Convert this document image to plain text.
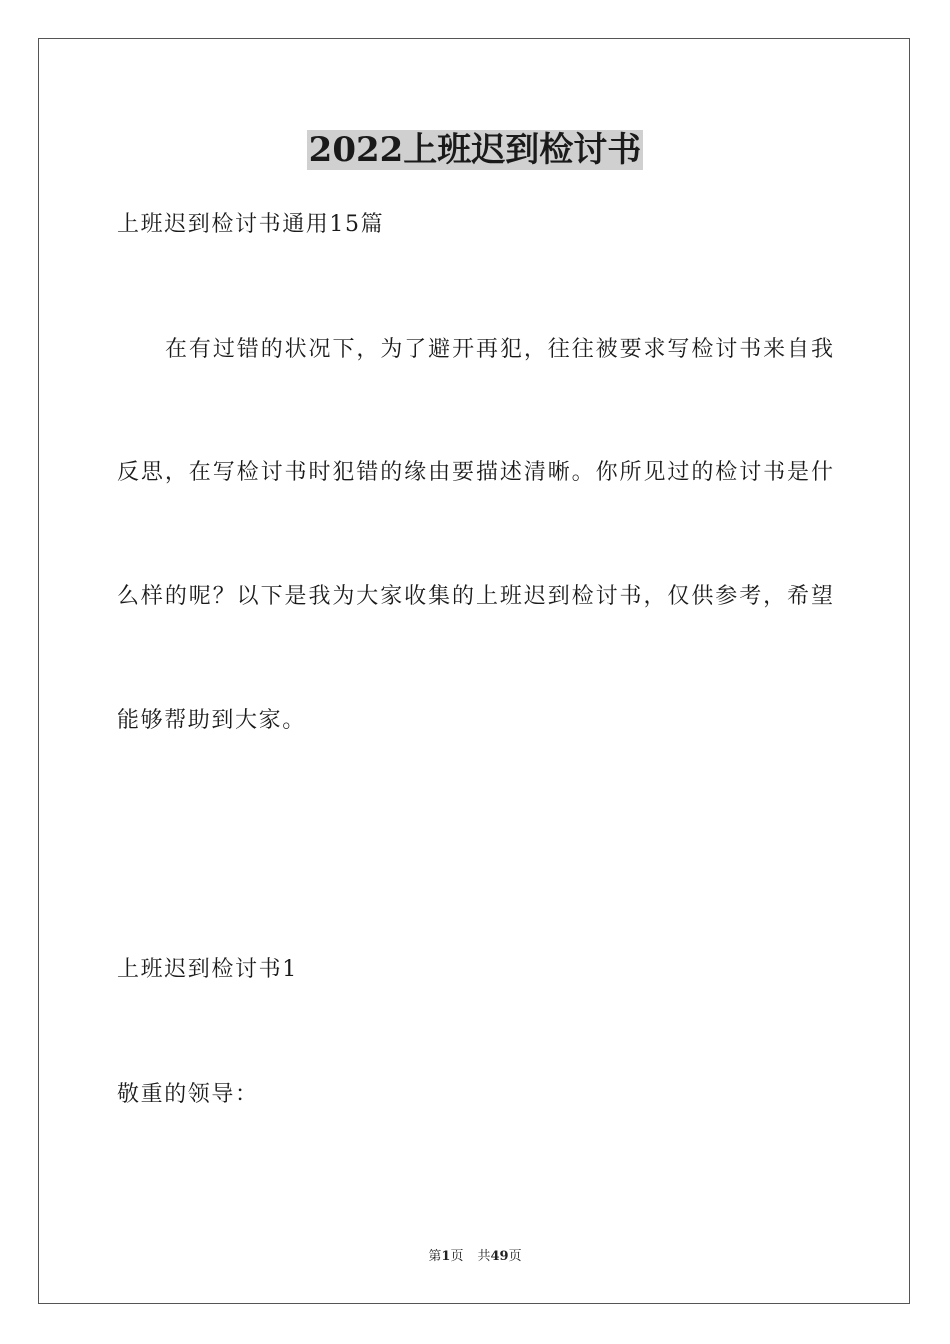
2022上班迟到检讨书

上班迟到检讨书通用15篇

在有过错的状况下，为了避开再犯，往往被要求写检讨书来自我

反思，在写检讨书时犯错的缘由要描述清晰。你所见过的检讨书是什

么样的呢？以下是我为大家收集的上班迟到检讨书，仅供参考，希望

能够帮助到大家。

上班迟到检讨书1

敬重的领导：

第1页 共49页
